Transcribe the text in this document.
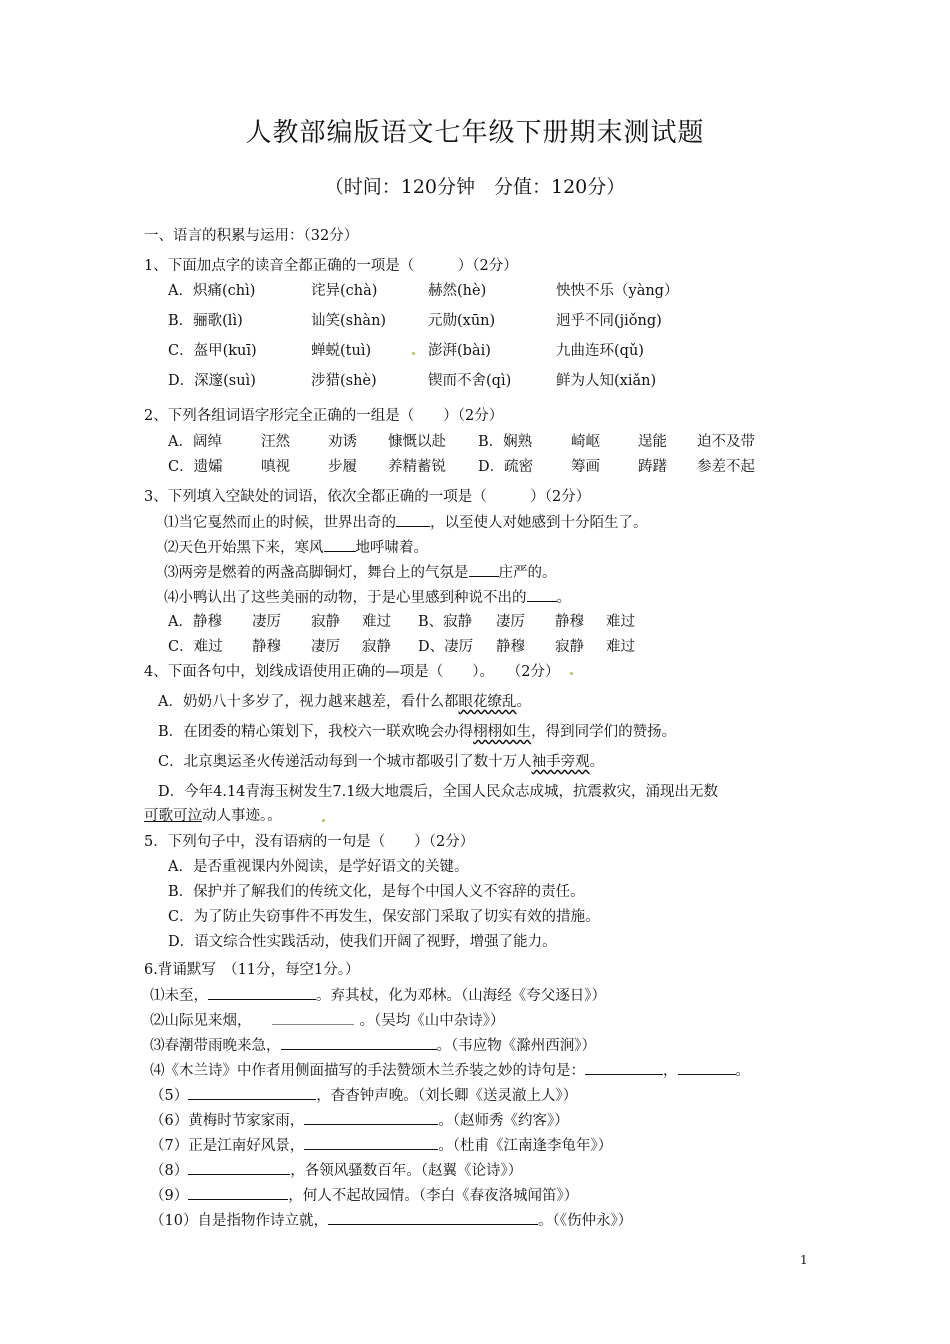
人教部编版语文七年级下册期末测试题
（时间：120分钟　分值：120分）
一、语言的积累与运用：（32分）
1、下面加点字的读音全都正确的一项是（　　　）（2分）
A．炽痛(chì)	诧异(chà)	赫然(hè)	怏怏不乐（yàng）
B．骊歌(lì)	讪笑(shàn)	元勋(xūn)	迥乎不同(jiǒng)
C．盔甲(kuī)	蝉蜕(tuì)	澎湃(bài)	九曲连环(qǔ)
D．深邃(suì)	涉猎(shè)	锲而不舍(qì)	鲜为人知(xiǎn)
2、下列各组词语字形完全正确的一组是（　　）（2分）
A．阔绰	汪然	劝诱 慷慨以赴 B．娴熟	崎岖	逞能 迫不及带
C．遗孀	嗔视	步履 养精蓄锐 D．疏密	筹画	踌躇 参差不起
3、下列填入空缺处的词语，依次全都正确的一项是（　　　）（2分）
⑴当它戛然而止的时候，世界出奇的 ，以至使人对她感到十分陌生了。
⑵天色开始黑下来，寒风 地呼啸着。
⑶两旁是燃着的两盏高脚铜灯，舞台上的气氛是 庄严的。
⑷小鸭认出了这些美丽的动物，于是心里感到种说不出的 。
A．静穆 凄厉 寂静 难过 B、寂静 凄厉 静穆 难过
C．难过 静穆 凄厉 寂静 D、凄厉 静穆 寂静 难过
4、下面各句中，划线成语使用正确的—项是（　　）。 （2分）
A．奶奶八十多岁了，视力越来越差，看什么都眼花缭乱。
B．在团委的精心策划下，我校六一联欢晚会办得栩栩如生，得到同学们的赞扬。
C．北京奥运圣火传递活动每到一个城市都吸引了数十万人袖手旁观。
D．今年4.14青海玉树发生7.1级大地震后，全国人民众志成城，抗震救灾，涌现出无数
可歌可泣动人事迹。。
5．下列句子中，没有语病的一句是（　　）（2分）
A．是否重视课内外阅读，是学好语文的关键。
B．保护并了解我们的传统文化，是每个中国人义不容辞的责任。
C．为了防止失窃事件不再发生，保安部门采取了切实有效的措施。
D．语文综合性实践活动，使我们开阔了视野，增强了能力。
6.背诵默写　（11分，每空1分。）
⑴未至，	。弃其杖，化为邓林。（山海经《夸父逐日》）
⑵山际见来烟，	。（吴均《山中杂诗》）
⑶春潮带雨晚来急，	。（韦应物《滁州西涧》）
⑷《木兰诗》中作者用侧面描写的手法赞颂木兰乔装之妙的诗句是：	，	。
（5）	，杳杳钟声晚。（刘长卿《送灵澈上人》）
（6）黄梅时节家家雨，	。（赵师秀《约客》）
（7）正是江南好风景，	。（杜甫《江南逢李龟年》）
（8）	，各领风骚数百年。（赵翼《论诗》）
（9）	，何人不起故园情。（李白《春夜洛城闻笛》）
（10）自是指物作诗立就，	。（《伤仲永》）
1
